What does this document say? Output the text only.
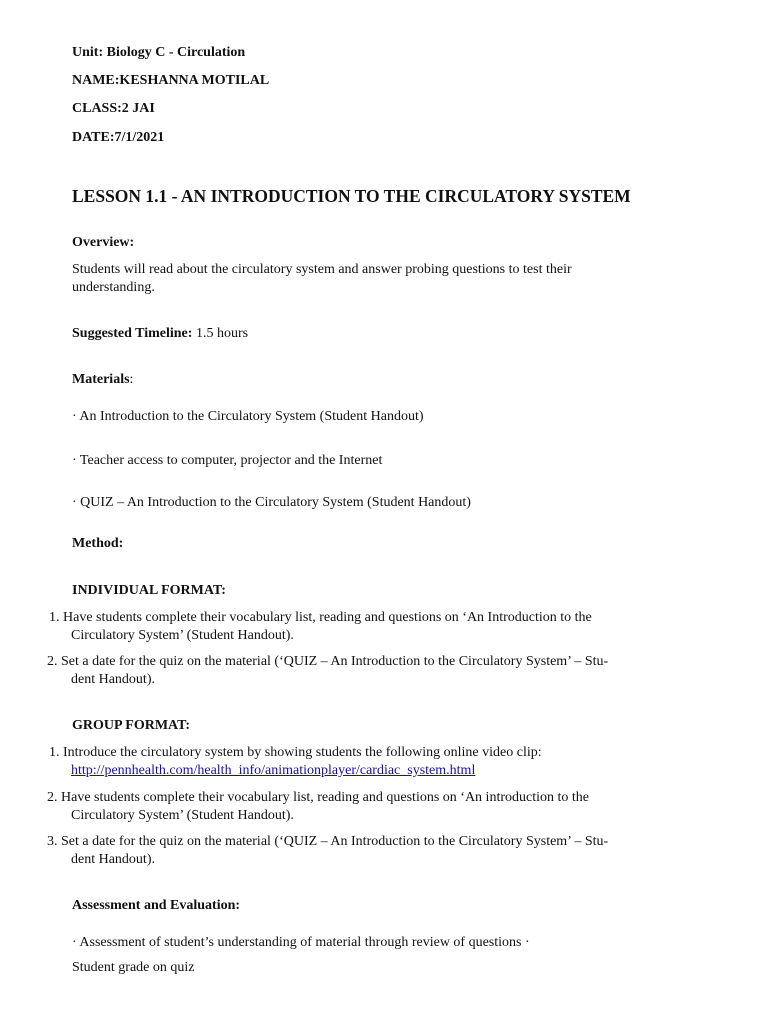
Unit: Biology C - Circulation
NAME:KESHANNA MOTILAL
CLASS:2 JAI
DATE:7/1/2021
LESSON 1.1 - AN INTRODUCTION TO THE CIRCULATORY SYSTEM
Overview:
Students will read about the circulatory system and answer probing questions to test their
understanding.
Suggested Timeline: 1.5 hours
Materials:
· An Introduction to the Circulatory System (Student Handout)
· Teacher access to computer, projector and the Internet
· QUIZ – An Introduction to the Circulatory System (Student Handout)
Method:
INDIVIDUAL FORMAT:
1. Have students complete their vocabulary list, reading and questions on ‘An Introduction to the
Circulatory System’ (Student Handout).
2. Set a date for the quiz on the material (‘QUIZ – An Introduction to the Circulatory System’ – Stu-
dent Handout).
GROUP FORMAT:
1. Introduce the circulatory system by showing students the following online video clip:
http://pennhealth.com/health_info/animationplayer/cardiac_system.html
2. Have students complete their vocabulary list, reading and questions on ‘An introduction to the
Circulatory System’ (Student Handout).
3. Set a date for the quiz on the material (‘QUIZ – An Introduction to the Circulatory System’ – Stu-
dent Handout).
Assessment and Evaluation:
· Assessment of student’s understanding of material through review of questions ·
Student grade on quiz
